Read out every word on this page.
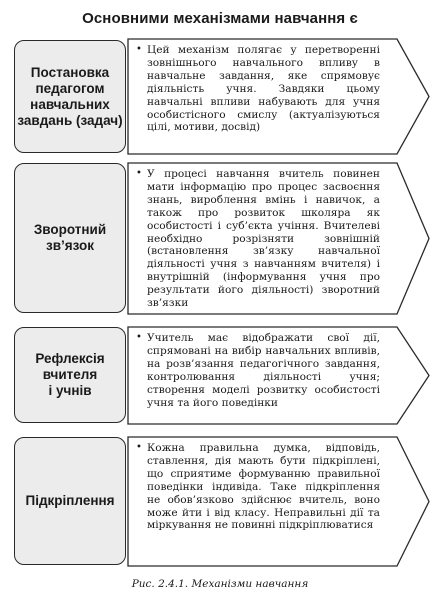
Основними механізмами навчання є
Постановка
педагогом
навчальних
завдань (задач)
• Цей механізм полягає у перетворенні зовнішнього навчального впливу в навчальне завдання, яке спрямовує діяльність учня. Завдяки цьому навчальні впливи набувають для учня особистісного смислу (актуалізуються цілі, мотиви, досвід)
Зворотний
зв’язок
• У процесі навчання вчитель повинен мати інформацію про процес засвоєння знань, вироблення вмінь і навичок, а також про розвиток школяра як особистості і суб’єкта учіння. Вчителеві необхідно розрізняти зовнішній (встановлення зв’язку навчальної діяльності учня з навчанням вчителя) і внутрішній (інформування учня про результати його діяльності) зворотний зв’язки
Рефлексія
вчителя
і учнів
• Учитель має відображати свої дії, спрямовані на вибір навчальних впливів, на розв’язання педагогічного завдання, контролювання діяльності учня; створення моделі розвитку особистості учня та його поведінки
Підкріплення
• Кожна правильна думка, відповідь, ставлення, дія мають бути підкріплені, що сприятиме формуванню правильної поведінки індивіда. Таке підкріплення не обов’язково здійснює вчитель, воно може йти і від класу. Неправильні дії та міркування не повинні підкріплюватися
Рис. 2.4.1. Механізми навчання
